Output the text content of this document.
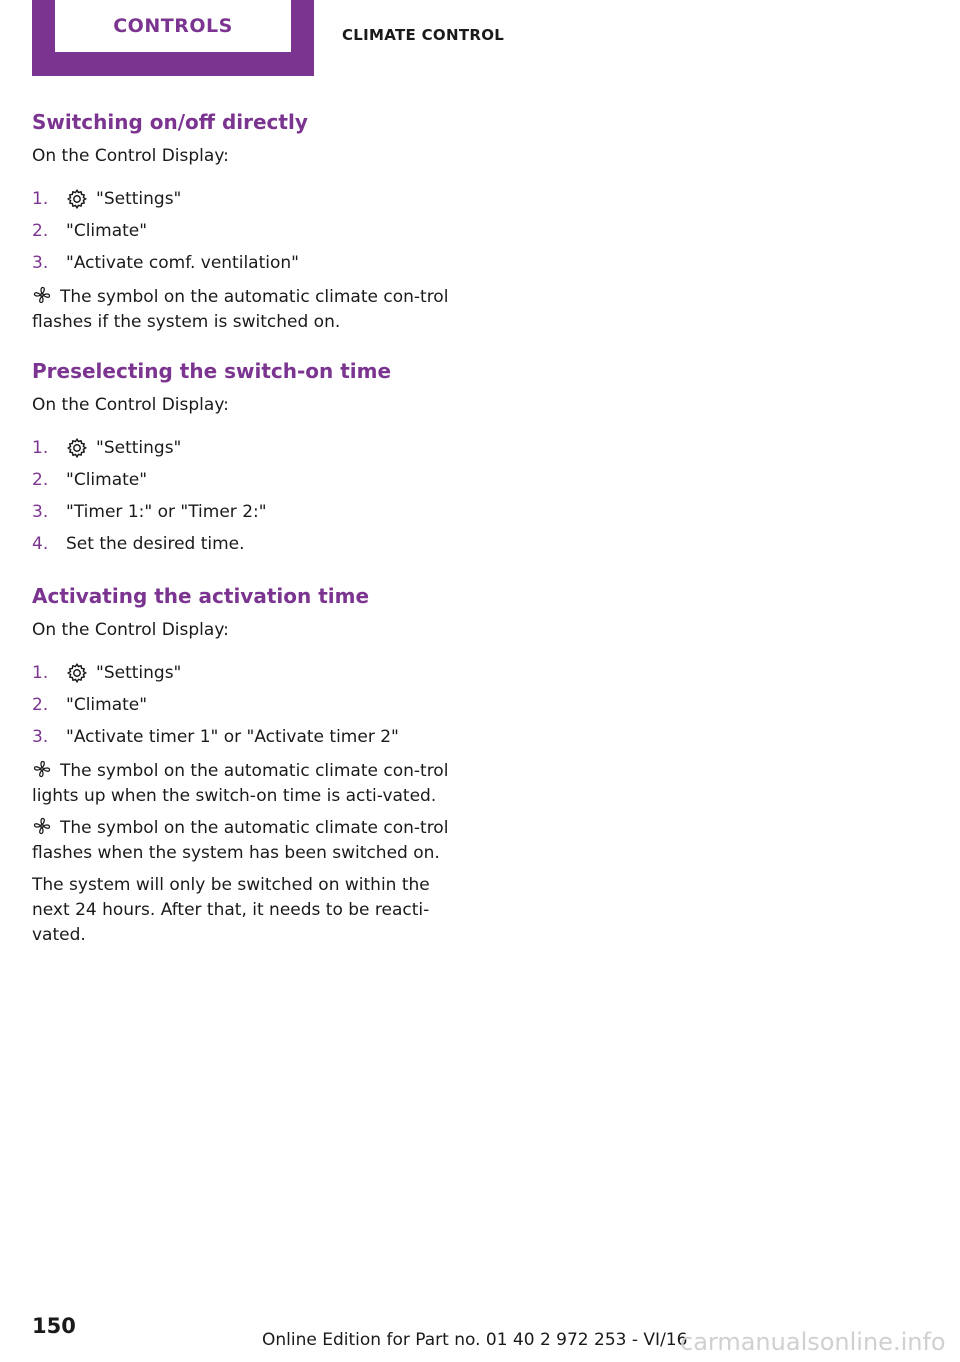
CONTROLS	CLIMATE CONTROL
Switching on/off directly

On the Control Display:

1.	"Settings"
2.	"Climate"
3.	"Activate comf. ventilation"

The symbol on the automatic climate con-trol flashes if the system is switched on.

Preselecting the switch-on time

On the Control Display:

1.	"Settings"
2.	"Climate"
3.	"Timer 1:" or "Timer 2:"
4.	Set the desired time.
Activating the activation time

On the Control Display:

1.	"Settings"
2.	"Climate"
3.	"Activate timer 1" or "Activate timer 2"

The symbol on the automatic climate con-trol lights up when the switch-on time is acti-vated.

The symbol on the automatic climate con-trol flashes when the system has been switched on.

The system will only be switched on within the next 24 hours. After that, it needs to be reacti-vated.

150
Online Edition for Part no. 01 40 2 972 253 - VI/16
carmanualsonline.info
